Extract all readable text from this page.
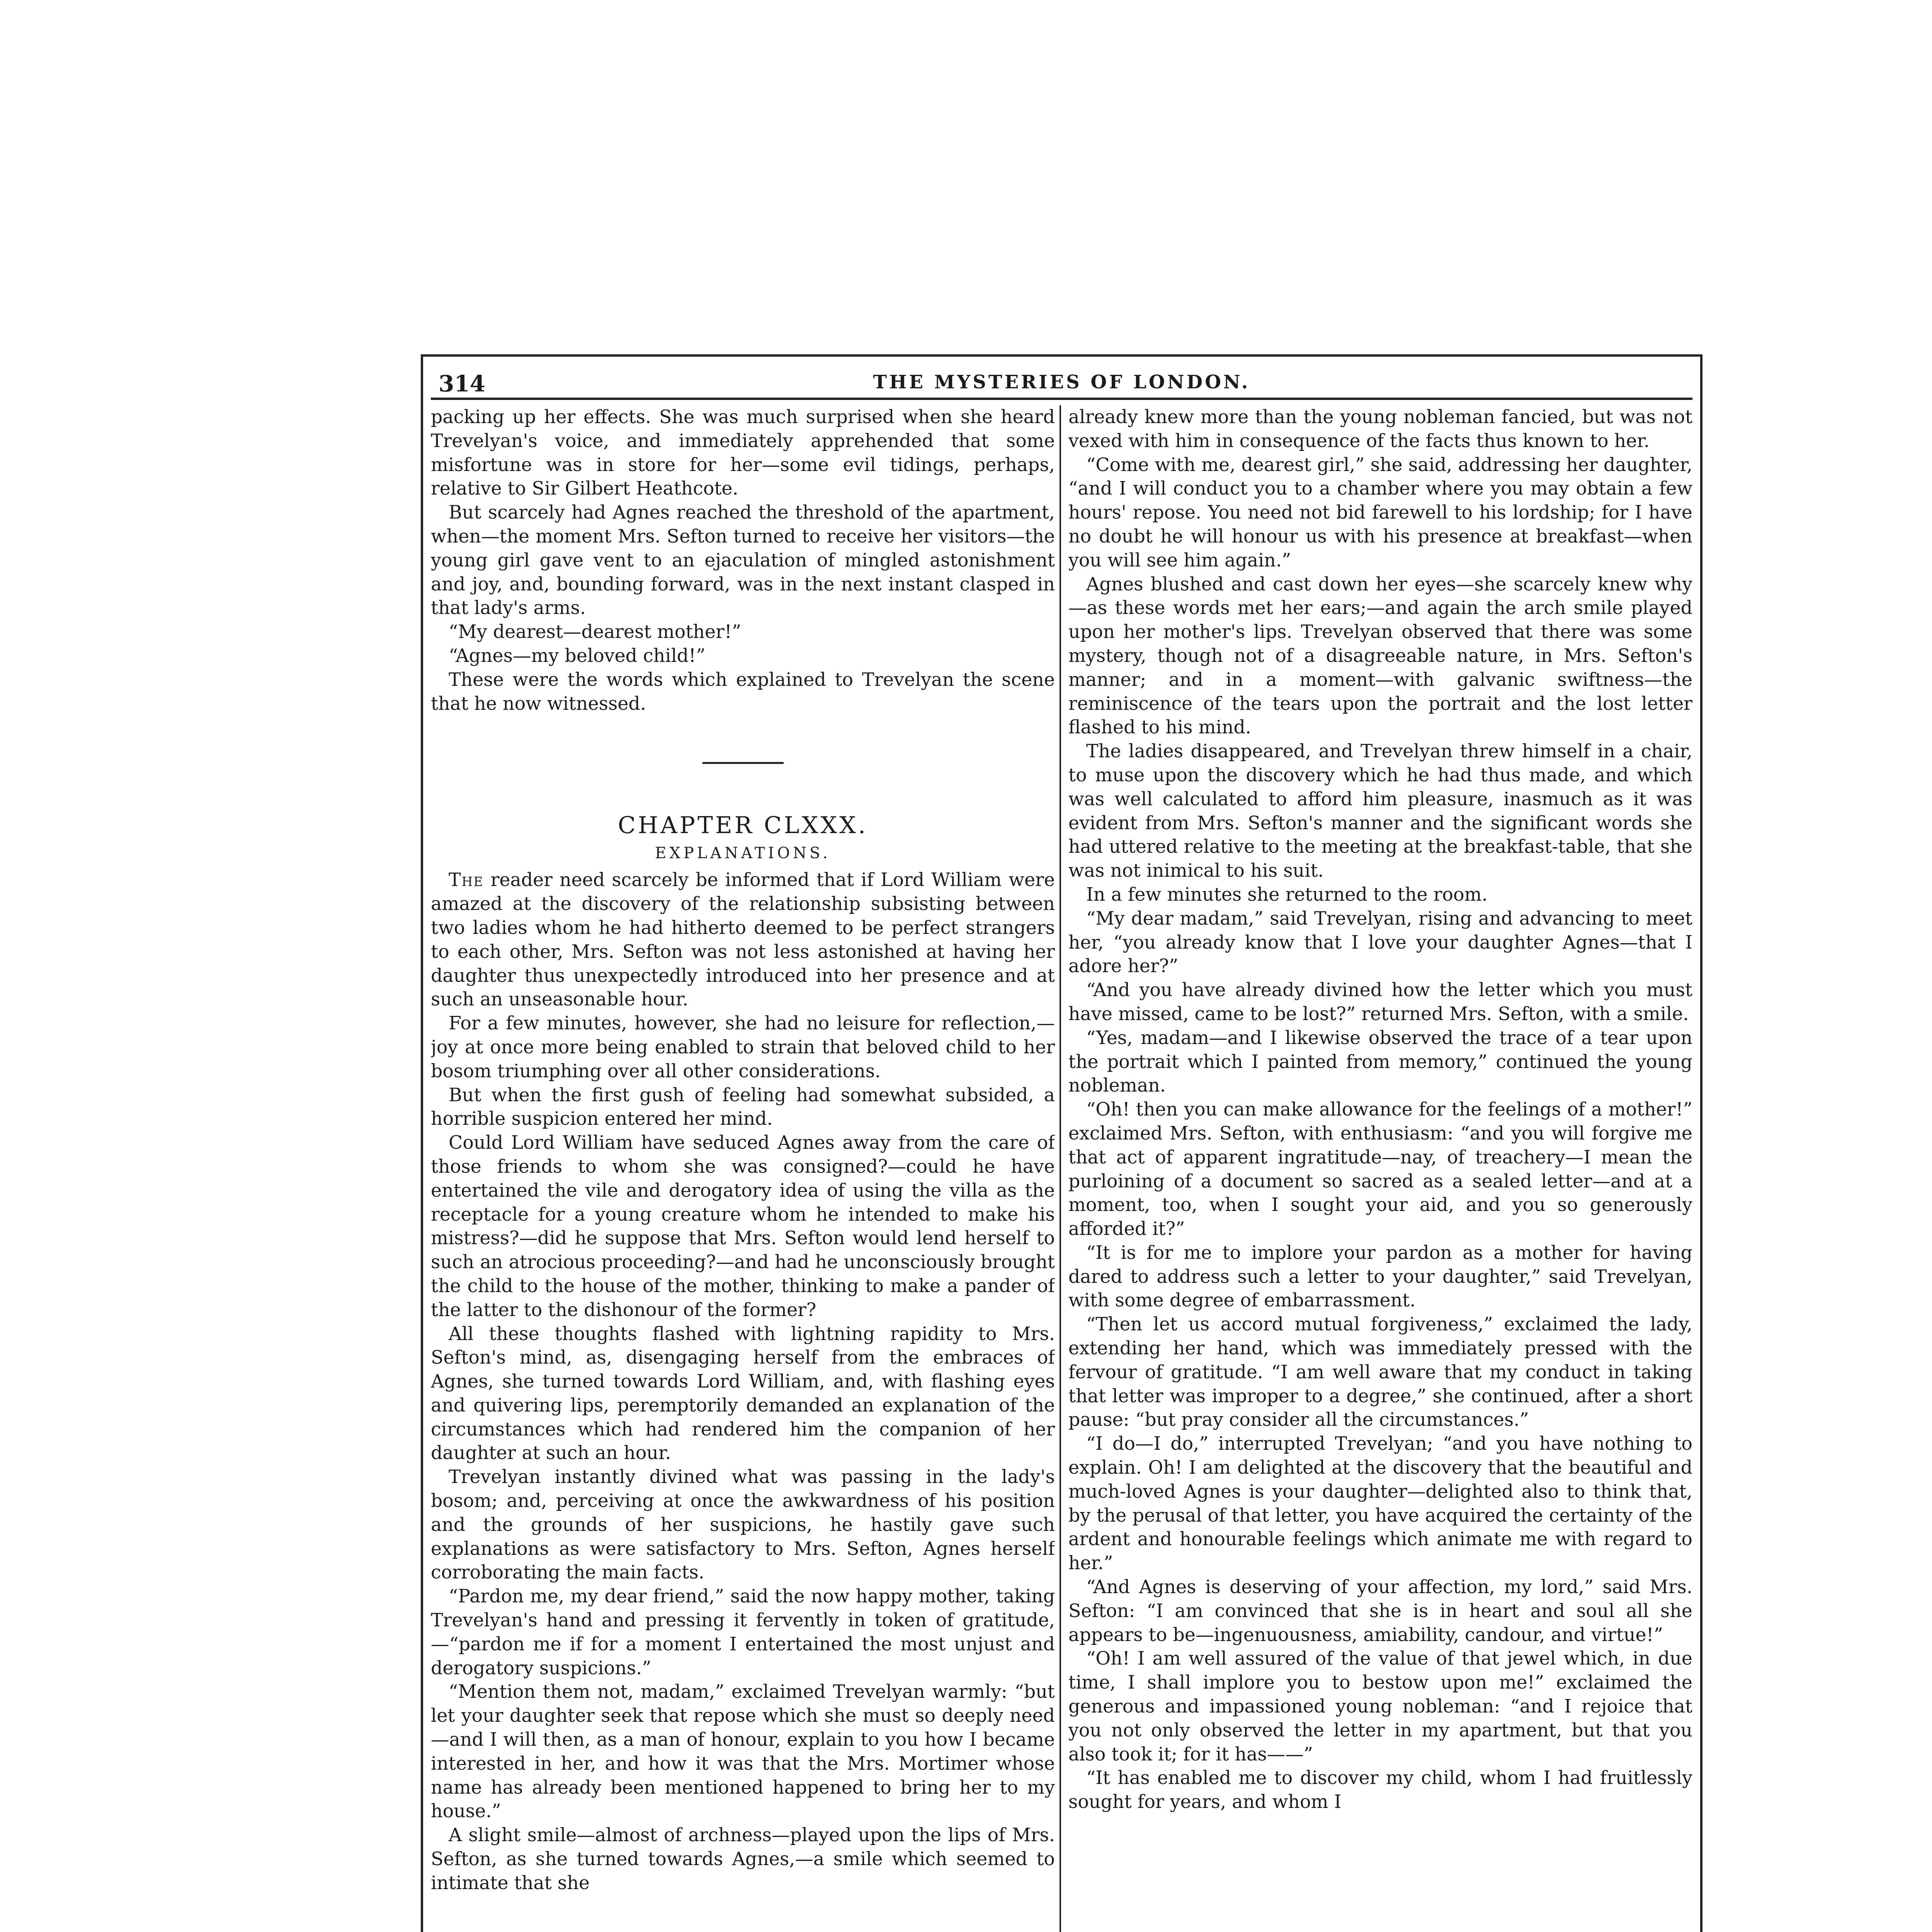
314	THE MYSTERIES OF LONDON.

packing up her effects. She was much surprised when she heard Trevelyan's voice, and immediately apprehended that some misfortune was in store for her—some evil tidings, perhaps, relative to Sir Gilbert Heathcote.

But scarcely had Agnes reached the threshold of the apartment, when—the moment Mrs. Sefton turned to receive her visitors—the young girl gave vent to an ejaculation of mingled astonishment and joy, and, bounding forward, was in the next instant clasped in that lady's arms.

“My dearest—dearest mother!”

“Agnes—my beloved child!”

These were the words which explained to Trevelyan the scene that he now witnessed.

CHAPTER CLXXX.
EXPLANATIONS.

The reader need scarcely be informed that if Lord William were amazed at the discovery of the relationship subsisting between two ladies whom he had hitherto deemed to be perfect strangers to each other, Mrs. Sefton was not less astonished at having her daughter thus unexpectedly introduced into her presence and at such an unseasonable hour.

For a few minutes, however, she had no leisure for reflection,—joy at once more being enabled to strain that beloved child to her bosom triumphing over all other considerations.

But when the first gush of feeling had somewhat subsided, a horrible suspicion entered her mind.

Could Lord William have seduced Agnes away from the care of those friends to whom she was consigned?—could he have entertained the vile and derogatory idea of using the villa as the receptacle for a young creature whom he intended to make his mistress?—did he suppose that Mrs. Sefton would lend herself to such an atrocious proceeding?—and had he unconsciously brought the child to the house of the mother, thinking to make a pander of the latter to the dishonour of the former?

All these thoughts flashed with lightning rapidity to Mrs. Sefton's mind, as, disengaging herself from the embraces of Agnes, she turned towards Lord William, and, with flashing eyes and quivering lips, peremptorily demanded an explanation of the circumstances which had rendered him the companion of her daughter at such an hour.

Trevelyan instantly divined what was passing in the lady's bosom; and, perceiving at once the awkwardness of his position and the grounds of her suspicions, he hastily gave such explanations as were satisfactory to Mrs. Sefton, Agnes herself corroborating the main facts.

“Pardon me, my dear friend,” said the now happy mother, taking Trevelyan's hand and pressing it fervently in token of gratitude,—“pardon me if for a moment I entertained the most unjust and derogatory suspicions.”

“Mention them not, madam,” exclaimed Trevelyan warmly: “but let your daughter seek that repose which she must so deeply need—and I will then, as a man of honour, explain to you how I became interested in her, and how it was that the Mrs. Mortimer whose name has already been mentioned happened to bring her to my house.”

A slight smile—almost of archness—played upon the lips of Mrs. Sefton, as she turned towards Agnes,—a smile which seemed to intimate that she

already knew more than the young nobleman fancied, but was not vexed with him in consequence of the facts thus known to her.

“Come with me, dearest girl,” she said, addressing her daughter, “and I will conduct you to a chamber where you may obtain a few hours' repose. You need not bid farewell to his lordship; for I have no doubt he will honour us with his presence at breakfast—when you will see him again.”

Agnes blushed and cast down her eyes—she scarcely knew why—as these words met her ears;—and again the arch smile played upon her mother's lips. Trevelyan observed that there was some mystery, though not of a disagreeable nature, in Mrs. Sefton's manner; and in a moment—with galvanic swiftness—the reminiscence of the tears upon the portrait and the lost letter flashed to his mind.

The ladies disappeared, and Trevelyan threw himself in a chair, to muse upon the discovery which he had thus made, and which was well calculated to afford him pleasure, inasmuch as it was evident from Mrs. Sefton's manner and the significant words she had uttered relative to the meeting at the breakfast-table, that she was not inimical to his suit.

In a few minutes she returned to the room.

“My dear madam,” said Trevelyan, rising and advancing to meet her, “you already know that I love your daughter Agnes—that I adore her?”

“And you have already divined how the letter which you must have missed, came to be lost?” returned Mrs. Sefton, with a smile.

“Yes, madam—and I likewise observed the trace of a tear upon the portrait which I painted from memory,” continued the young nobleman.

“Oh! then you can make allowance for the feelings of a mother!” exclaimed Mrs. Sefton, with enthusiasm: “and you will forgive me that act of apparent ingratitude—nay, of treachery—I mean the purloining of a document so sacred as a sealed letter—and at a moment, too, when I sought your aid, and you so generously afforded it?”

“It is for me to implore your pardon as a mother for having dared to address such a letter to your daughter,” said Trevelyan, with some degree of embarrassment.

“Then let us accord mutual forgiveness,” exclaimed the lady, extending her hand, which was immediately pressed with the fervour of gratitude. “I am well aware that my conduct in taking that letter was improper to a degree,” she continued, after a short pause: “but pray consider all the circumstances.”

“I do—I do,” interrupted Trevelyan; “and you have nothing to explain. Oh! I am delighted at the discovery that the beautiful and much-loved Agnes is your daughter—delighted also to think that, by the perusal of that letter, you have acquired the certainty of the ardent and honourable feelings which animate me with regard to her.”

“And Agnes is deserving of your affection, my lord,” said Mrs. Sefton: “I am convinced that she is in heart and soul all she appears to be—ingenuousness, amiability, candour, and virtue!”

“Oh! I am well assured of the value of that jewel which, in due time, I shall implore you to bestow upon me!” exclaimed the generous and impassioned young nobleman: “and I rejoice that you not only observed the letter in my apartment, but that you also took it; for it has——”

“It has enabled me to discover my child, whom I had fruitlessly sought for years, and whom I
